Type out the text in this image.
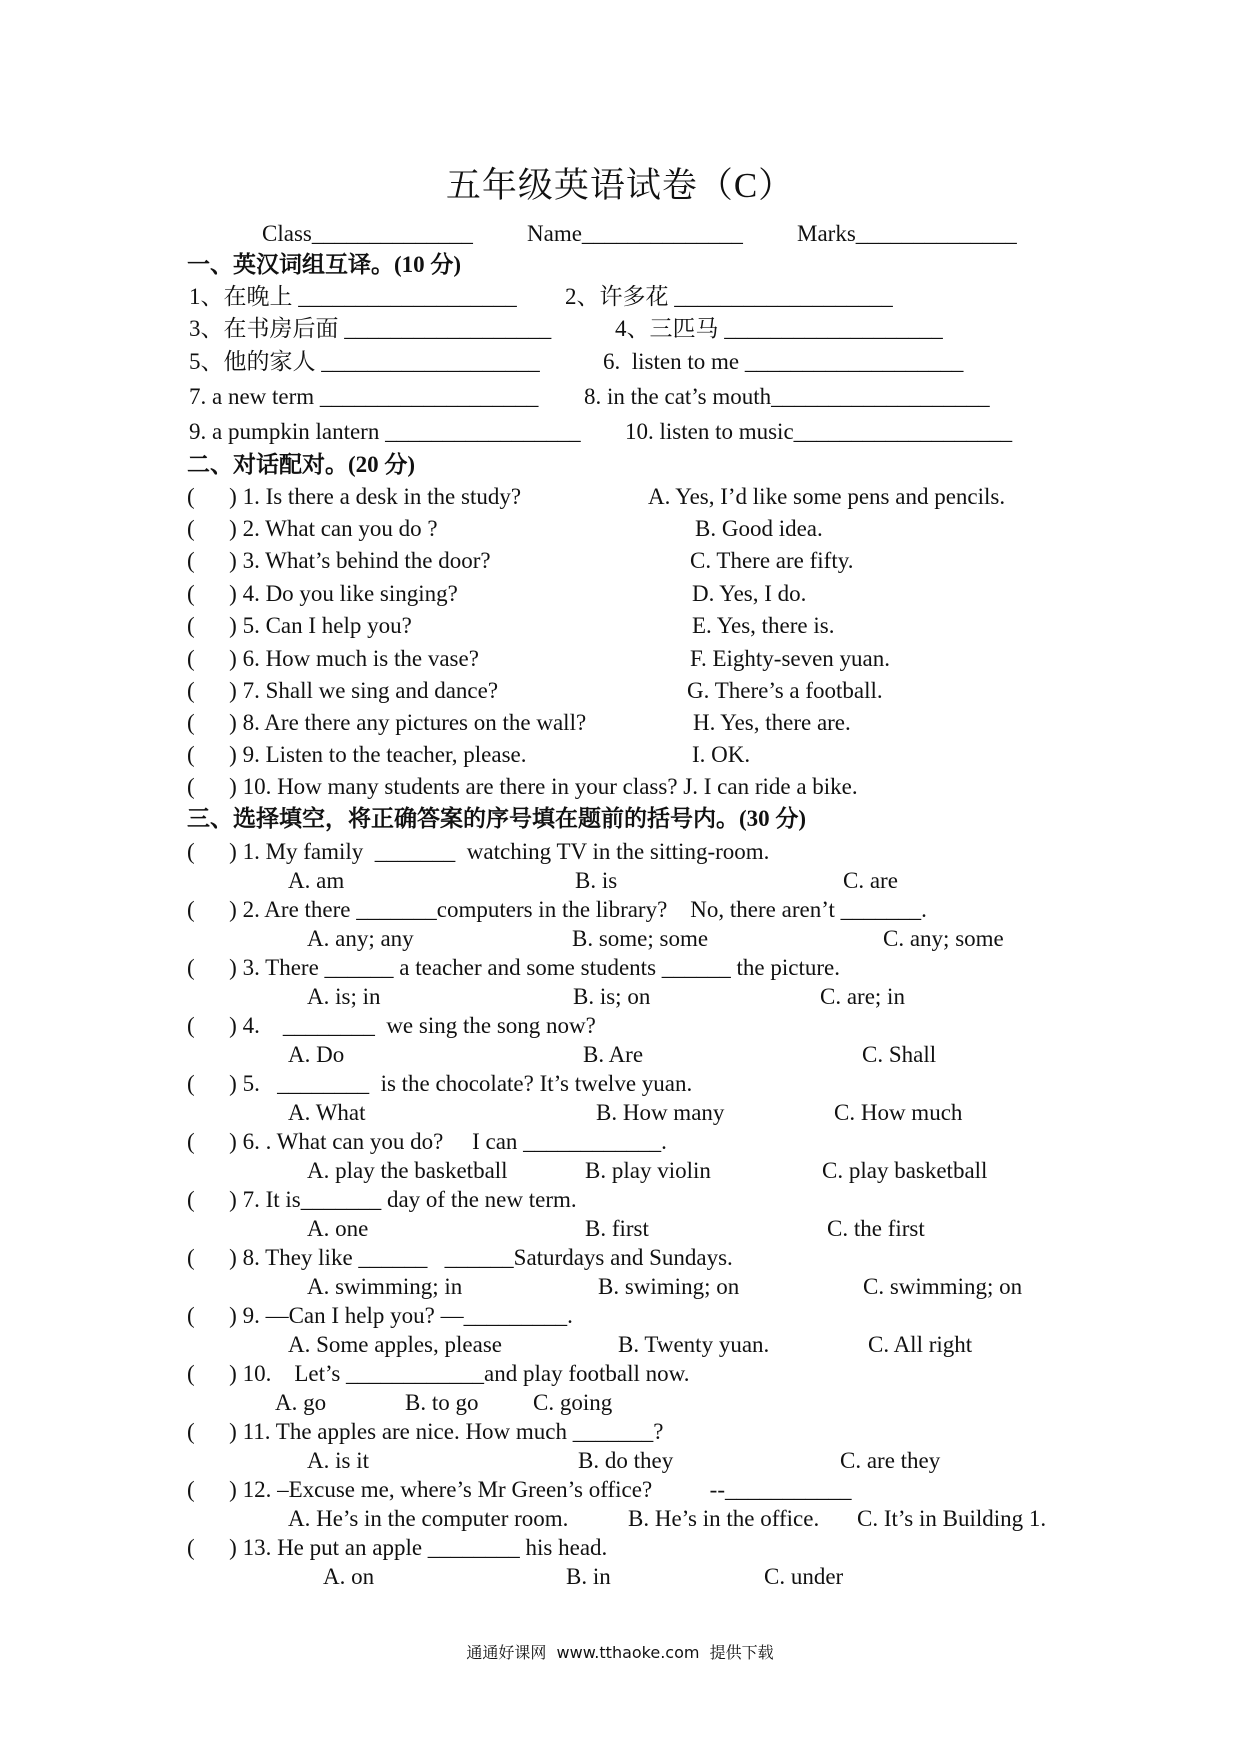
五年级英语试卷（C）
Class______________ Name______________ Marks______________
一、英汉词组互译。(10 分)
1、在晚上 ___________________ 2、许多花 ___________________
3、在书房后面 __________________	4、三匹马 ___________________
5、他的家人 ___________________	6.  listen to me ___________________
7. a new term ___________________ 8. in the cat’s mouth___________________
9. a pumpkin lantern _________________ 10. listen to music___________________
二、对话配对。(20 分)
(      ) 1. Is there a desk in the study?	A. Yes, I’d like some pens and pencils.
(      ) 2. What can you do ?	B. Good idea.
(      ) 3. What’s behind the door?	C. There are fifty.
(      ) 4. Do you like singing?	D. Yes, I do.
(      ) 5. Can I help you?	E. Yes, there is.
(      ) 6. How much is the vase?	F. Eighty-seven yuan.
(      ) 7. Shall we sing and dance?	G. There’s a football.
(      ) 8. Are there any pictures on the wall?	H. Yes, there are.
(      ) 9. Listen to the teacher, please.	I. OK.
(      ) 10. How many students are there in your class? J. I can ride a bike.
三、选择填空，将正确答案的序号填在题前的括号内。(30 分)
(      ) 1. My family  _______  watching TV in the sitting-room.
A. am	B. is	C. are
(      ) 2. Are there _______computers in the library?    No, there aren’t _______.
A. any; any	B. some; some	C. any; some
(      ) 3. There ______ a teacher and some students ______ the picture.
A. is; in	B. is; on	C. are; in
(      ) 4.    ________  we sing the song now?
A. Do	B. Are	C. Shall
(      ) 5.   ________  is the chocolate? It’s twelve yuan.
A. What	B. How many	C. How much
(      ) 6. . What can you do?     I can ____________.
A. play the basketball	B. play violin	C. play basketball
(      ) 7. It is_______ day of the new term.
A. one	B. first	C. the first
(      ) 8. They like ______   ______Saturdays and Sundays.
A. swimming; in	B. swiming; on	C. swimming; on
(      ) 9. —Can I help you? —_________.
A. Some apples, please	B. Twenty yuan.	C. All right
(      ) 10.    Let’s ____________and play football now.
A. go	B. to go C. going
(      ) 11. The apples are nice. How much _______?
A. is it	B. do they	C. are they
(      ) 12. –Excuse me, where’s Mr Green’s office?          --___________
A. He’s in the computer room.	B. He’s in the office. C. It’s in Building 1.
(      ) 13. He put an apple ________ his head.
A. on	B. in	C. under
通通好课网  www.tthaoke.com  提供下载
